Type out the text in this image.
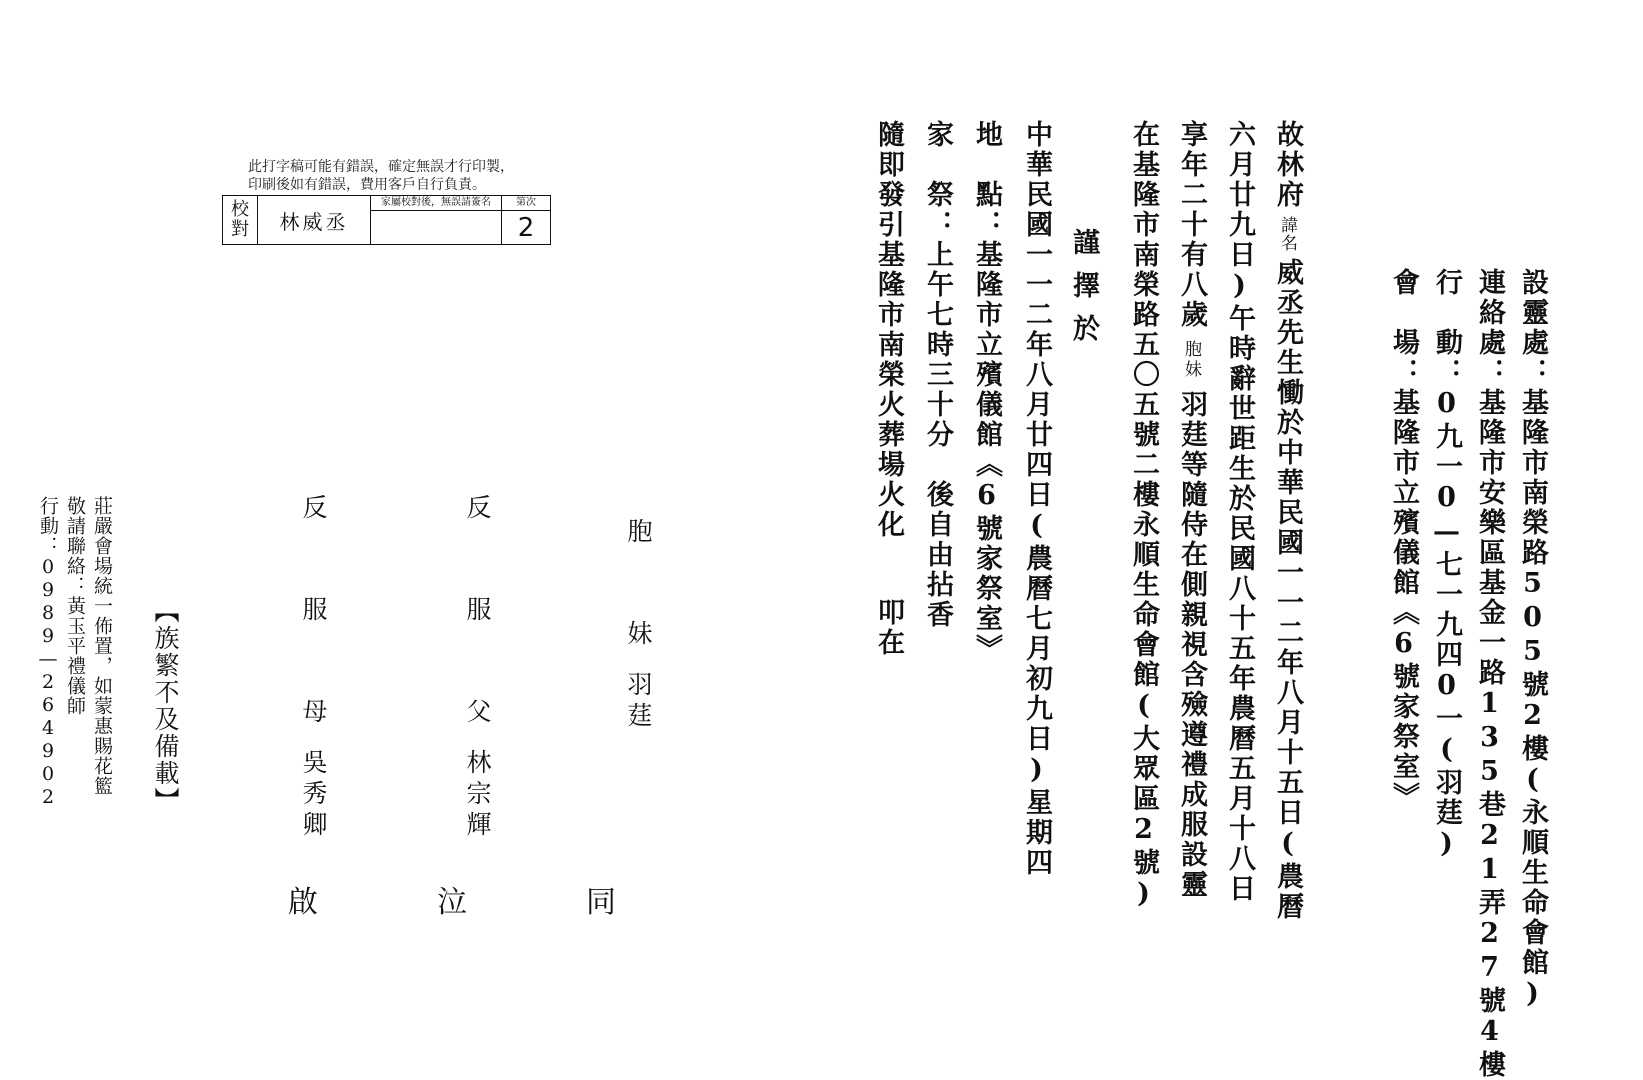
設靈處：基隆市南榮路505號2樓(永順生命會館)
連絡處：基隆市安樂區基金一路135巷21弄27號4樓
行　動：0九一0—七一九四0一(羽莛)
會　場：基隆市立殯儀館《6號家祭室》
故林府諱名威丞先生慟於中華民國一一二年八月十五日(農曆
六月廿九日)午時辭世距生於民國八十五年農曆五月十八日
享年二十有八歲胞妹羽莛等隨侍在側親視含殮遵禮成服設靈
在基隆市南榮路五〇五號二樓永順生命會館(大眾區2號)
謹擇於
中華民國一一二年八月廿四日(農曆七月初九日)星期四
地　點：基隆市立殯儀館《6號家祭室》
家　祭：上午七時三十分　後自由拈香
隨即發引基隆市南榮火葬場火化
叩在
胞　妹羽莛
反　服　父林宗輝
反　服　母吳秀卿
同
泣
啟
【族繁不及備載】
莊嚴會場統一佈置，如蒙惠賜花籃
敬請聯絡：黃玉平禮儀師
行動：0989—264902
此打字稿可能有錯誤，確定無誤才行印製，
印刷後如有錯誤，費用客戶自行負責。
校對	林威丞	
家屬校對後，無誤請簽名	第次
2
